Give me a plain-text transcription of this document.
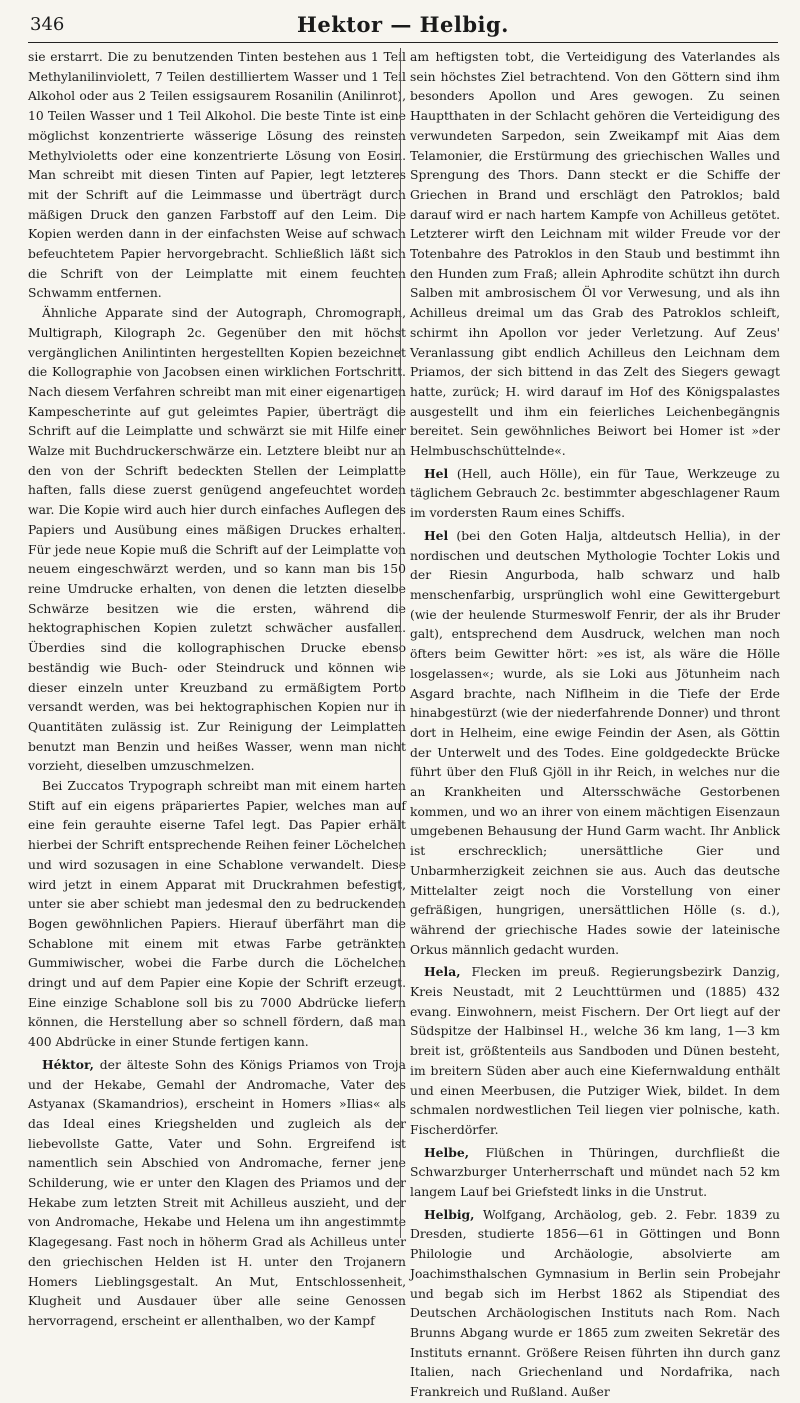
346	Hektor — Helbig.

sie erstarrt. Die zu benutzenden Tinten bestehen aus 1 Teil Methylanilinviolett, 7 Teilen destilliertem Wasser und 1 Teil Alkohol oder aus 2 Teilen essigsaurem Rosanilin (Anilinrot), 10 Teilen Wasser und 1 Teil Alkohol. Die beste Tinte ist eine möglichst konzentrierte wässerige Lösung des reinsten Methylvioletts oder eine konzentrierte Lösung von Eosin. Man schreibt mit diesen Tinten auf Papier, legt letzteres mit der Schrift auf die Leimmasse und überträgt durch mäßigen Druck den ganzen Farbstoff auf den Leim. Die Kopien werden dann in der einfachsten Weise auf schwach befeuchtetem Papier hervorgebracht. Schließlich läßt sich die Schrift von der Leimplatte mit einem feuchten Schwamm entfernen.

Ähnliche Apparate sind der Autograph, Chromograph, Multigraph, Kilograph 2c. Gegenüber den mit höchst vergänglichen Anilintinten hergestellten Kopien bezeichnet die Kollographie von Jacobsen einen wirklichen Fortschritt. Nach diesem Verfahren schreibt man mit einer eigenartigen Kampescheтinte auf gut geleimtes Papier, überträgt die Schrift auf die Leimplatte und schwärzt sie mit Hilfe einer Walze mit Buchdruckerschwärze ein. Letztere bleibt nur an den von der Schrift bedeckten Stellen der Leimplatte haften, falls diese zuerst genügend angefeuchtet worden war. Die Kopie wird auch hier durch einfaches Auflegen des Papiers und Ausübung eines mäßigen Druckes erhalten. Für jede neue Kopie muß die Schrift auf der Leimplatte von neuem eingeschwärzt werden, und so kann man bis 150 reine Umdrucke erhalten, von denen die letzten dieselbe Schwärze besitzen wie die ersten, während die hektographischen Kopien zuletzt schwächer ausfallen. Überdies sind die kollographischen Drucke ebenso beständig wie Buch- oder Steindruck und können wie dieser einzeln unter Kreuzband zu ermäßigtem Porto versandt werden, was bei hektographischen Kopien nur in Quantitäten zulässig ist. Zur Reinigung der Leimplatten benutzt man Benzin und heißes Wasser, wenn man nicht vorzieht, dieselben umzuschmelzen.

Bei Zuccatos Trypograph schreibt man mit einem harten Stift auf ein eigens präpariertes Papier, welches man auf eine fein gerauhte eiserne Tafel legt. Das Papier erhält hierbei der Schrift entsprechende Reihen feiner Löchelchen und wird sozusagen in eine Schablone verwandelt. Diese wird jetzt in einem Apparat mit Druckrahmen befestigt, unter sie aber schiebt man jedesmal den zu bedruckenden Bogen gewöhnlichen Papiers. Hierauf überfährt man die Schablone mit einem mit etwas Farbe getränkten Gummiwischer, wobei die Farbe durch die Löchelchen dringt und auf dem Papier eine Kopie der Schrift erzeugt. Eine einzige Schablone soll bis zu 7000 Abdrücke liefern können, die Herstellung aber so schnell fördern, daß man 400 Abdrücke in einer Stunde fertigen kann.

Héktor, der älteste Sohn des Königs Priamos von Troja und der Hekabe, Gemahl der Andromache, Vater des Astyanax (Skamandrios), erscheint in Homers »Ilias« als das Ideal eines Kriegshelden und zugleich als der liebevollste Gatte, Vater und Sohn. Ergreifend ist namentlich sein Abschied von Andromache, ferner jene Schilderung, wie er unter den Klagen des Priamos und der Hekabe zum letzten Streit mit Achilleus auszieht, und der von Andromache, Hekabe und Helena um ihn angestimmte Klagegesang. Fast noch in höherm Grad als Achilleus unter den griechischen Helden ist H. unter den Trojanern Homers Lieblingsgestalt. An Mut, Entschlossenheit, Klugheit und Ausdauer über alle seine Genossen hervorragend, erscheint er allenthalben, wo der Kampf

am heftigsten tobt, die Verteidigung des Vaterlandes als sein höchstes Ziel betrachtend. Von den Göttern sind ihm besonders Apollon und Ares gewogen. Zu seinen Hauptthaten in der Schlacht gehören die Verteidigung des verwundeten Sarpedon, sein Zweikampf mit Aias dem Telamonier, die Erstürmung des griechischen Walles und Sprengung des Thors. Dann steckt er die Schiffe der Griechen in Brand und erschlägt den Patroklos; bald darauf wird er nach hartem Kampfe von Achilleus getötet. Letzterer wirft den Leichnam mit wilder Freude vor der Totenbahre des Patroklos in den Staub und bestimmt ihn den Hunden zum Fraß; allein Aphrodite schützt ihn durch Salben mit ambrosischem Öl vor Verwesung, und als ihn Achilleus dreimal um das Grab des Patroklos schleift, schirmt ihn Apollon vor jeder Verletzung. Auf Zeus' Veranlassung gibt endlich Achilleus den Leichnam dem Priamos, der sich bittend in das Zelt des Siegers gewagt hatte, zurück; H. wird darauf im Hof des Königspalastes ausgestellt und ihm ein feierliches Leichenbegängnis bereitet. Sein gewöhnliches Beiwort bei Homer ist »der Helmbuschschüttelnde«.

Hel (Hell, auch Hölle), ein für Taue, Werkzeuge zu täglichem Gebrauch 2c. bestimmter abgeschlagener Raum im vordersten Raum eines Schiffs.

Hel (bei den Goten Halja, altdeutsch Hellia), in der nordischen und deutschen Mythologie Tochter Lokis und der Riesin Angurboda, halb schwarz und halb menschenfarbig, ursprünglich wohl eine Gewittergeburt (wie der heulende Sturmeswolf Fenrir, der als ihr Bruder galt), entsprechend dem Ausdruck, welchen man noch öfters beim Gewitter hört: »es ist, als wäre die Hölle losgelassen«; wurde, als sie Loki aus Jötunheim nach Asgard brachte, nach Niflheim in die Tiefe der Erde hinabgestürzt (wie der niederfahrende Donner) und thront dort in Helheim, eine ewige Feindin der Asen, als Göttin der Unterwelt und des Todes. Eine goldgedeckte Brücke führt über den Fluß Gjöll in ihr Reich, in welches nur die an Krankheiten und Altersschwäche Gestorbenen kommen, und wo an ihrer von einem mächtigen Eisenzaun umgebenen Behausung der Hund Garm wacht. Ihr Anblick ist erschrecklich; unersättliche Gier und Unbarmherzigkeit zeichnen sie aus. Auch das deutsche Mittelalter zeigt noch die Vorstellung von einer gefräßigen, hungrigen, unersättlichen Hölle (s. d.), während der griechische Hades sowie der lateinische Orkus männlich gedacht wurden.

Hela, Flecken im preuß. Regierungsbezirk Danzig, Kreis Neustadt, mit 2 Leuchttürmen und (1885) 432 evang. Einwohnern, meist Fischern. Der Ort liegt auf der Südspitze der Halbinsel H., welche 36 km lang, 1—3 km breit ist, größtenteils aus Sandboden und Dünen besteht, im breitern Süden aber auch eine Kiefernwaldung enthält und einen Meerbusen, die Putziger Wiek, bildet. In dem schmalen nordwestlichen Teil liegen vier polnische, kath. Fischerdörfer.

Helbe, Flüßchen in Thüringen, durchfließt die Schwarzburger Unterherrschaft und mündet nach 52 km langem Lauf bei Griefstedt links in die Unstrut.

Helbig, Wolfgang, Archäolog, geb. 2. Febr. 1839 zu Dresden, studierte 1856—61 in Göttingen und Bonn Philologie und Archäologie, absolvierte am Joachimsthalschen Gymnasium in Berlin sein Probejahr und begab sich im Herbst 1862 als Stipendiat des Deutschen Archäologischen Instituts nach Rom. Nach Brunns Abgang wurde er 1865 zum zweiten Sekretär des Instituts ernannt. Größere Reisen führten ihn durch ganz Italien, nach Griechenland und Nordafrika, nach Frankreich und Rußland. Außer
